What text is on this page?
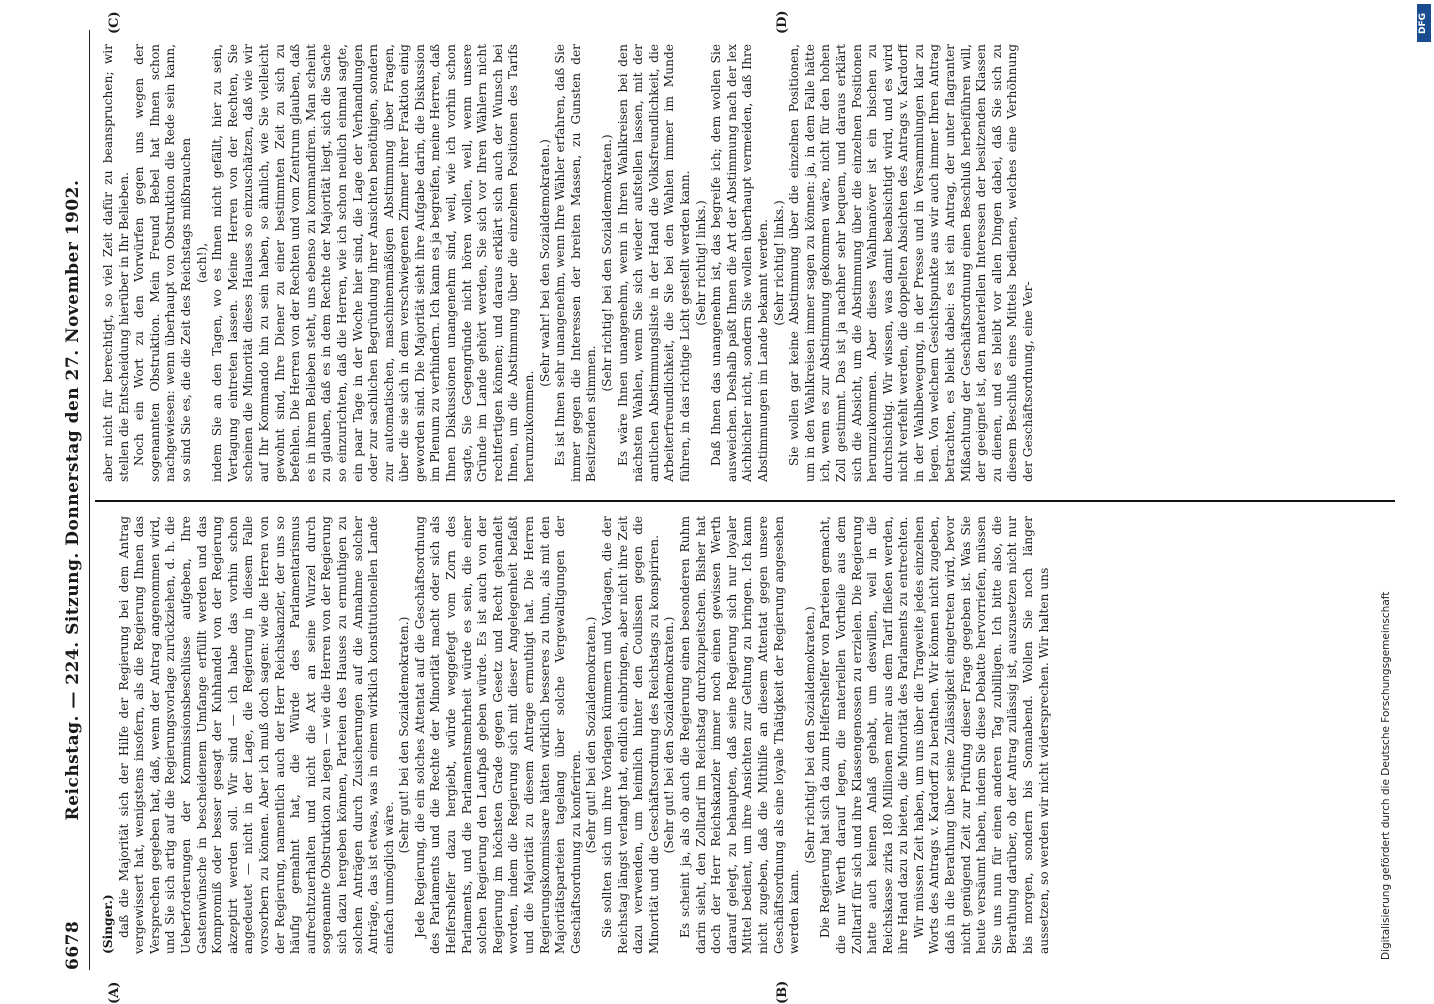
6678
Reichstag. — 224. Sitzung. Donnerstag den 27. November 1902.
(A)	(B)
(C)	(D)

(Singer.) daß die Majorität sich der Hilfe der Regierung bei dem Antrag vergewissert hat, wenigstens insofern, als die Regierung Ihnen das Versprechen gegeben hat, daß, wenn der Antrag angenommen wird, und Sie sich artig auf die Regierungsvorlage zurückziehen, d. h. die Ueberforderungen der Kommissionsbeschlüsse aufgeben, Ihre Gastenwünsche in bescheidenem Umfange erfüllt werden und das Kompromiß oder besser gesagt der Kuhhandel von der Regierung akzeptirt werden soll. Wir sind — ich habe das vorhin schon angedeutet — nicht in der Lage, die Regierung in diesem Falle vorsorbern zu können. Aber ich muß doch sagen: wie die Herren von der Regierung, namentlich auch der Herr Reichskanzler, der uns so häufig gemahnt hat, die Würde des Parlamentarismus aufrechtzuerhalten und nicht die Axt an seine Wurzel durch sogenannte Obstruktion zu legen — wie die Herren von der Regierung sich dazu hergeben können, Parteien des Hauses zu ermuthigen zu solchen Anträgen durch Zusicherungen auf die Annahme solcher Anträge, das ist etwas, was in einem wirklich konstitutionellen Lande einfach unmöglich wäre.

(Sehr gut! bei den Sozialdemokraten.) Jede Regierung, die ein solches Attentat auf die Geschäftsordnung des Parlaments und die Rechte der Minorität macht oder sich als Helfershelfer dazu hergiebt, würde weggefegt vom Zorn des Parlaments, und die Parlamentsmehrheit würde es sein, die einer solchen Regierung den Laufpaß geben würde. Es ist auch von der Regierung im höchsten Grade gegen Gesetz und Recht gehandelt worden, indem die Regierung sich mit dieser Angelegenheit befaßt und die Majorität zu diesem Antrage ermuthigt hat. Die Herren Regierungskommissare hätten wirklich besseres zu thun, als mit den Majoritätsparteien tagelang über solche Vergewaltigungen der Geschäftsordnung zu konferiren. (Sehr gut! bei den Sozialdemokraten.) Sie sollten sich um ihre Vorlagen kümmern und Vorlagen, die der Reichstag längst verlangt hat, endlich einbringen, aber nicht ihre Zeit dazu verwenden, um heimlich hinter den Coulissen gegen die Minorität und die Geschäftsordnung des Reichstags zu konspiriren. (Sehr gut! bei den Sozialdemokraten.) Es scheint ja, als ob auch die Regierung einen besonderen Ruhm darin sieht, den Zolltarif im Reichstag durchzupeitschen. Bisher hat doch der Herr Reichskanzler immer noch einen gewissen Werth darauf gelegt, zu behaupten, daß seine Regierung sich nur loyaler Mittel bedient, um ihre Ansichten zur Geltung zu bringen. Ich kann nicht zugeben, daß die Mithilfe an diesem Attentat gegen unsere Geschäftsordnung als eine loyale Thätigkeit der Regierung angesehen werden kann.

(Sehr richtig! bei den Sozialdemokraten.) Die Regierung hat sich da zum Helfershelfer von Parteien gemacht, die nur Werth darauf legen, die materiellen Vortheile aus dem Zolltarif für sich und ihre Klassengenossen zu erzielen. Die Regierung hatte auch keinen Anlaß gehabt, um deswillen, weil in die Reichskasse zirka 180 Millionen mehr aus dem Tarif fließen werden, ihre Hand dazu zu bieten, die Minorität des Parlaments zu entrechten. Wir müssen Zeit haben, um uns über die Tragweite jedes einzelnen Worts des Antrags v. Kardorff zu berathen. Wir können nicht zugeben, daß in die Berathung über seine Zulässigkeit eingetreten wird, bevor nicht genügend Zeit zur Prüfung dieser Frage gegeben ist. Was Sie heute versäumt haben, indem Sie diese Debatte hervorriefen, müssen Sie uns nun für einen anderen Tag zubilligen. Ich bitte also, die Berathung darüber, ob der Antrag zulässig ist, auszusetzen nicht nur bis morgen, sondern bis Sonnabend. Wollen Sie noch länger aussetzen, so werden wir nicht widersprechen. Wir halten uns

aber nicht für berechtigt, so viel Zeit dafür zu beanspruchen; wir stellen die Entscheidung hierüber in Ihr Belieben. Noch ein Wort zu den Vorwürfen gegen uns wegen der sogenannten Obstruktion. Mein Freund Bebel hat Ihnen schon nachgewiesen: wenn überhaupt von Obstruktion die Rede sein kann, so sind Sie es, die die Zeit des Reichstags mißbrauchen (ach!), indem Sie an den Tagen, wo es Ihnen nicht gefällt, hier zu sein, Vertagung eintreten lassen. Meine Herren von der Rechten, Sie scheinen die Minorität dieses Hauses so einzuschätzen, daß wie wir auf Ihr Kommando hin zu sein haben, so ähnlich, wie Sie vielleicht gewohnt sind, Ihre Diener zu einer bestimmten Zeit zu sich zu befehlen. Die Herren von der Rechten und vom Zentrum glauben, daß es in ihrem Belieben steht, uns ebenso zu kommandiren. Man scheint zu glauben, daß es in dem Rechte der Majorität liegt, sich die Sache so einzurichten, daß die Herren, wie ich schon neulich einmal sagte, ein paar Tage in der Woche hier sind, die Lage der Verhandlungen oder zur sachlichen Begründung ihrer Ansichten benöthigen, sondern zur automatischen, maschinenmäßigen Abstimmung über Fragen, über die sie sich in dem verschwiegenen Zimmer ihrer Fraktion einig geworden sind. Die Majorität sieht ihre Aufgabe darin, die Diskussion im Plenum zu verhindern. Ich kann es ja begreifen, meine Herren, daß Ihnen Diskussionen unangenehm sind, weil, wie ich vorhin schon sagte, Sie Gegengründe nicht hören wollen, weil, wenn unsere Gründe im Lande gehört werden, Sie sich vor Ihren Wählern nicht rechtfertigen können; und daraus erklärt sich auch der Wunsch bei Ihnen, um die Abstimmung über die einzelnen Positionen des Tarifs herumzukommen.

(Sehr wahr! bei den Sozialdemokraten.) Es ist Ihnen sehr unangenehm, wenn Ihre Wähler erfahren, daß Sie immer gegen die Interessen der breiten Massen, zu Gunsten der Besitzenden stimmen.

(Sehr richtig! bei den Sozialdemokraten.) Es wäre Ihnen unangenehm, wenn in Ihren Wahlkreisen bei den nächsten Wahlen, wenn Sie sich wieder aufstellen lassen, mit der amtlichen Abstimmungsliste in der Hand die Volksfreundlichkeit, die Arbeiterfreundlichkeit, die Sie bei den Wahlen immer im Munde führen, in das richtige Licht gestellt werden kann. (Sehr richtig! links.) Daß Ihnen das unangenehm ist, das begreife ich; dem wollen Sie ausweichen. Deshalb paßt Ihnen die Art der Abstimmung nach der lex Aichbichler nicht, sondern Sie wollen überhaupt vermeiden, daß Ihre Abstimmungen im Lande bekannt werden. (Sehr richtig! links.) Sie wollen gar keine Abstimmung über die einzelnen Positionen, um in den Wahlkreisen immer sagen zu können: ja, in dem Falle hätte ich, wenn es zur Abstimmung gekommen wäre, nicht für den hohen Zoll gestimmt. Das ist ja nachher sehr bequem, und daraus erklärt sich die Absicht, um die Abstimmung über die einzelnen Positionen herumzukommen. Aber dieses Wahlmanöver ist ein bischen zu durchsichtig. Wir wissen, was damit beabsichtigt wird, und es wird nicht verfehlt werden, die doppelten Absichten des Antrags v. Kardorff in der Wahlbewegung, in der Presse und in Versammlungen klar zu legen. Von welchem Gesichtspunkte aus wir auch immer Ihren Antrag betrachten, es bleibt dabei: es ist ein Antrag, der unter flagranter Mißachtung der Geschäftsordnung einen Beschluß herbeiführen will, der geeignet ist, den materiellen Interessen der besitzenden Klassen zu dienen, und es bleibt vor allen Dingen dabei, daß Sie sich zu diesem Beschluß eines Mittels bedienen, welches eine Verhöhnung der Geschäftsordnung, eine Ver-

Digitalisierung gefördert durch die Deutsche Forschungsgemeinschaft
DFG
